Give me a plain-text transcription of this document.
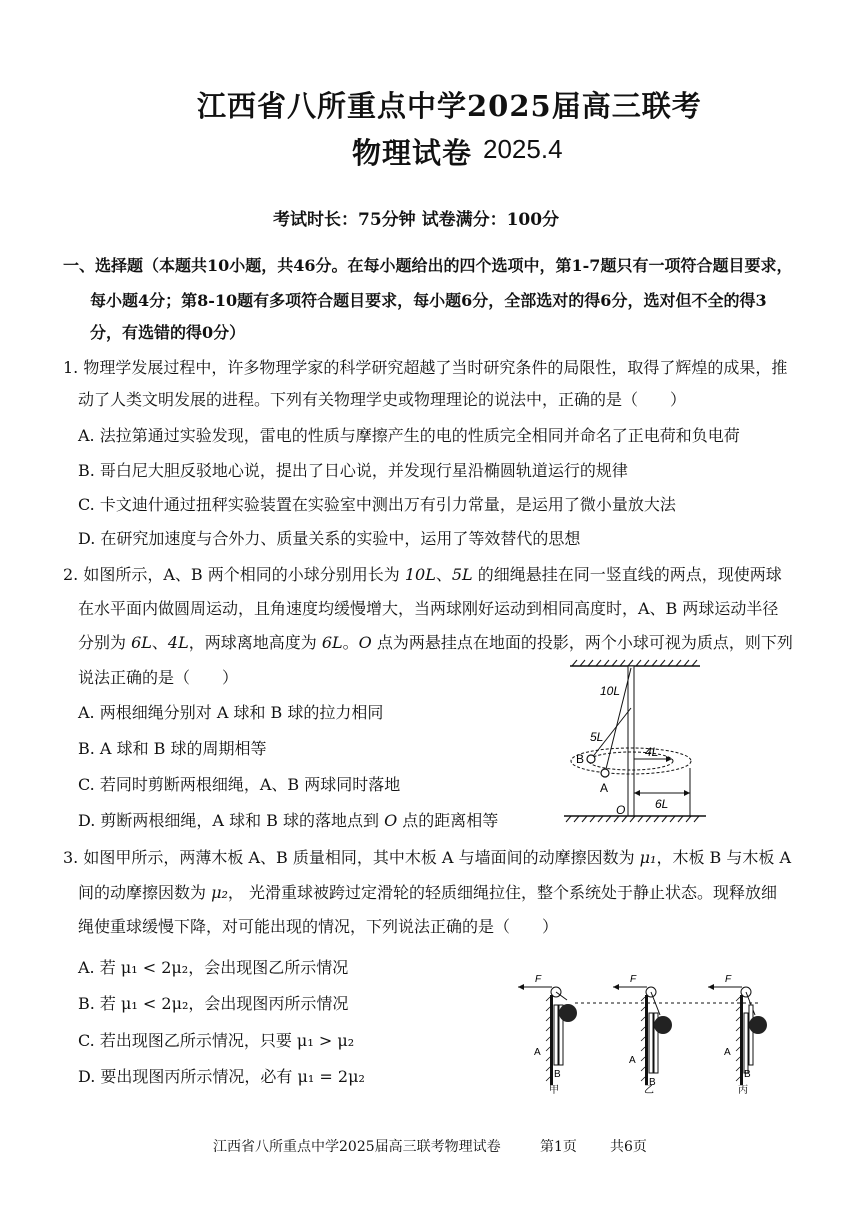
江西省八所重点中学2025届高三联考
物理试卷 2025.4
考试时长：75分钟 试卷满分：100分
一、选择题（本题共10小题，共46分。在每小题给出的四个选项中，第1-7题只有一项符合题目要求，
每小题4分；第8-10题有多项符合题目要求，每小题6分，全部选对的得6分，选对但不全的得3
分，有选错的得0分）
1. 物理学发展过程中，许多物理学家的科学研究超越了当时研究条件的局限性，取得了辉煌的成果，推
动了人类文明发展的进程。下列有关物理学史或物理理论的说法中，正确的是（　　）
A. 法拉第通过实验发现，雷电的性质与摩擦产生的电的性质完全相同并命名了正电荷和负电荷
B. 哥白尼大胆反驳地心说，提出了日心说，并发现行星沿椭圆轨道运行的规律
C. 卡文迪什通过扭秤实验装置在实验室中测出万有引力常量，是运用了微小量放大法
D. 在研究加速度与合外力、质量关系的实验中，运用了等效替代的思想
2. 如图所示，A、B 两个相同的小球分别用长为 10L、5L 的细绳悬挂在同一竖直线的两点，现使两球
在水平面内做圆周运动，且角速度均缓慢增大，当两球刚好运动到相同高度时，A、B 两球运动半径
分别为 6L、4L，两球离地高度为 6L。O 点为两悬挂点在地面的投影，两个小球可视为质点，则下列
说法正确的是（　　）
A. 两根细绳分别对 A 球和 B 球的拉力相同
B. A 球和 B 球的周期相等
C. 若同时剪断两根细绳，A、B 两球同时落地
D. 剪断两根细绳，A 球和 B 球的落地点到 O 点的距离相等
10L
5L
4L
6L
B
A
O
3. 如图甲所示，两薄木板 A、B 质量相同，其中木板 A 与墙面间的动摩擦因数为 μ₁，木板 B 与木板 A
间的动摩擦因数为 μ₂， 光滑重球被跨过定滑轮的轻质细绳拉住，整个系统处于静止状态。现释放细
绳使重球缓慢下降，对可能出现的情况，下列说法正确的是（　　）
A. 若 μ₁ < 2μ₂，会出现图乙所示情况
B. 若 μ₁ < 2μ₂，会出现图丙所示情况
C. 若出现图乙所示情况，只要 μ₁ > μ₂
D. 要出现图丙所示情况，必有 μ₁ = 2μ₂
F
A
B
甲
F
A
B
乙
F
A
B
丙
江西省八所重点中学2025届高三联考物理试卷	第1页 共6页
